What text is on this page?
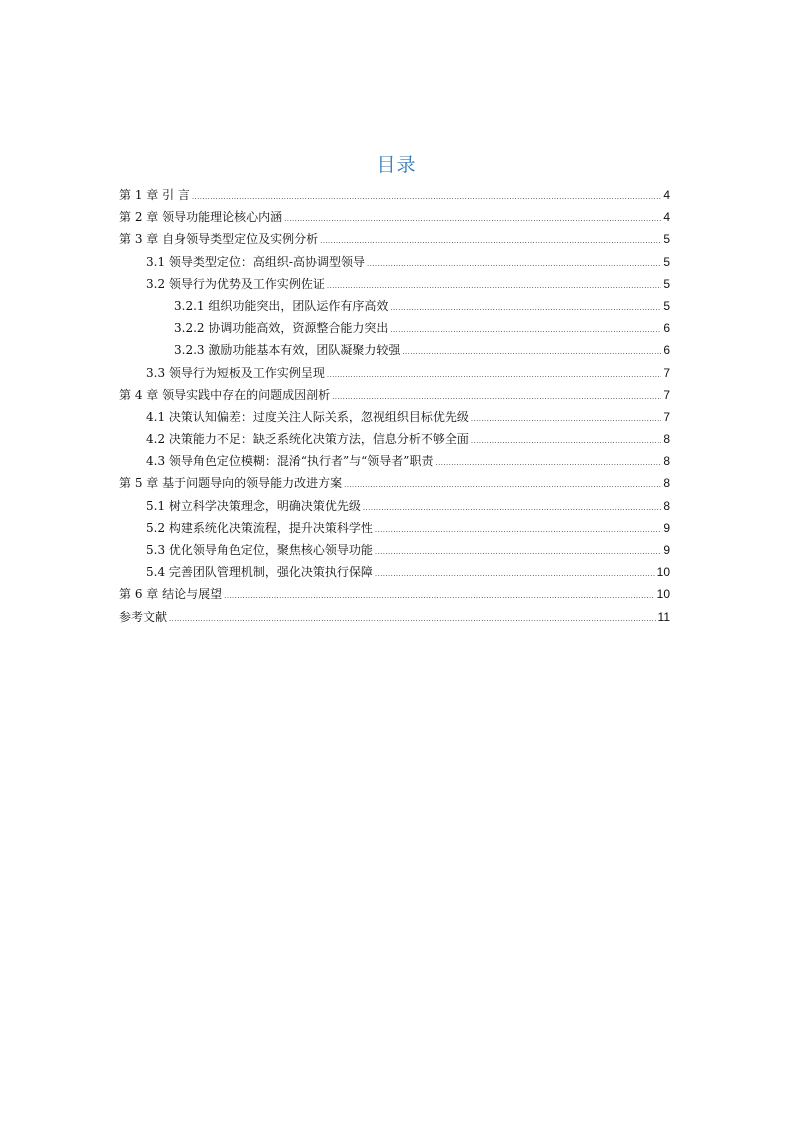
目录
第 1 章 引 言 .....	4
第 2 章 领导功能理论核心内涵 .....	4
第 3 章 自身领导类型定位及实例分析 .....	5
3.1 领导类型定位：高组织-高协调型领导 .....	5
3.2 领导行为优势及工作实例佐证 .....	5
3.2.1 组织功能突出，团队运作有序高效 .....	5
3.2.2 协调功能高效，资源整合能力突出 .....	6
3.2.3 激励功能基本有效，团队凝聚力较强 .....	6
3.3 领导行为短板及工作实例呈现 .....	7
第 4 章 领导实践中存在的问题成因剖析 .....	7
4.1 决策认知偏差：过度关注人际关系，忽视组织目标优先级 .....	7
4.2 决策能力不足：缺乏系统化决策方法，信息分析不够全面 .....	8
4.3 领导角色定位模糊：混淆“执行者”与“领导者”职责 .....	8
第 5 章 基于问题导向的领导能力改进方案 .....	8
5.1 树立科学决策理念，明确决策优先级 .....	8
5.2 构建系统化决策流程，提升决策科学性 .....	9
5.3 优化领导角色定位，聚焦核心领导功能 .....	9
5.4 完善团队管理机制，强化决策执行保障 .....	10
第 6 章 结论与展望 .....	10
参考文献 .....	11
